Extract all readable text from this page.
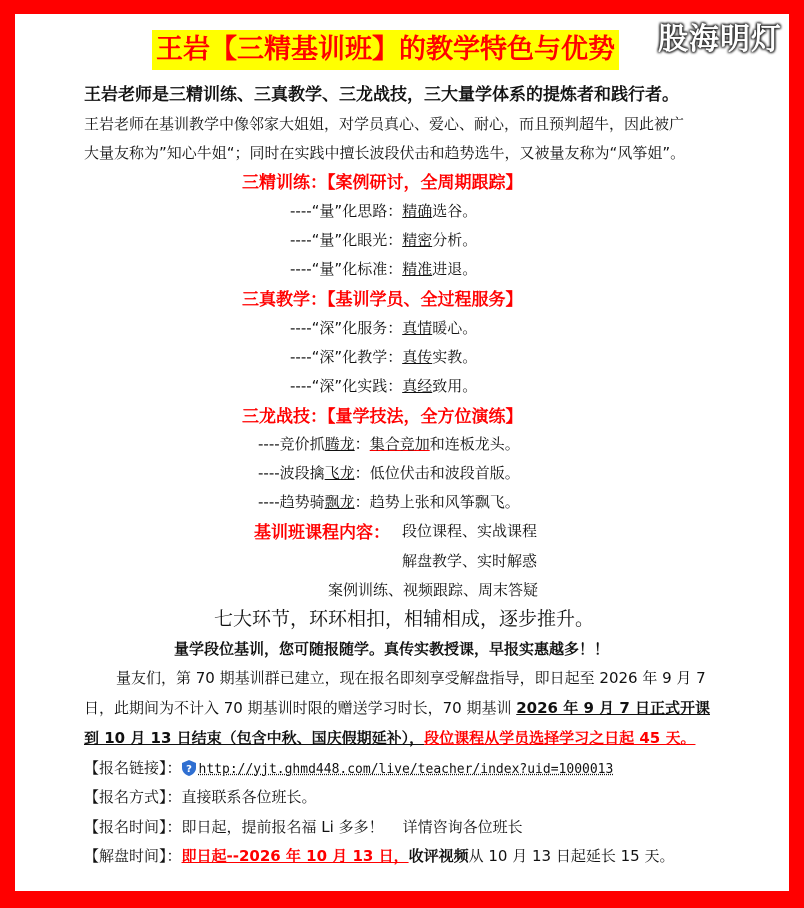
股海明灯
王岩【三精基训班】的教学特色与优势
王岩老师是三精训练、三真教学、三龙战技，三大量学体系的提炼者和践行者。
王岩老师在基训教学中像邻家大姐姐，对学员真心、爱心、耐心，而且预判超牛，因此被广
大量友称为”知心牛姐“；同时在实践中擅长波段伏击和趋势选牛，又被量友称为“风筝姐”。
三精训练：【案例研讨，全周期跟踪】
----“量”化思路：精确选谷。
----“量”化眼光：精密分析。
----“量”化标准：精准进退。
三真教学：【基训学员、全过程服务】
----“深”化服务：真情暖心。
----“深”化教学：真传实教。
----“深”化实践：真经致用。
三龙战技：【量学技法，全方位演练】
----竞价抓腾龙：集合竞加和连板龙头。
----波段擒飞龙：低位伏击和波段首版。
----趋势骑飘龙：趋势上张和风筝飘飞。
基训班课程内容： 段位课程、实战课程
解盘教学、实时解惑
案例训练、视频跟踪、周末答疑
七大环节，环环相扣，相辅相成，逐步推升。
量学段位基训，您可随报随学。真传实教授课，早报实惠越多！！
量友们，第 70 期基训群已建立，现在报名即刻享受解盘指导，即日起至 2026 年 9 月 7
日，此期间为不计入 70 期基训时限的赠送学习时长，70 期基训 2026 年 9 月 7 日正式开课
到 10 月 13 日结束（包含中秋、国庆假期延补），段位课程从学员选择学习之日起 45 天。
【报名链接】： ? http://yjt.ghmd448.com/live/teacher/index?uid=1000013
【报名方式】：直接联系各位班长。
【报名时间】：即日起，提前报名福 Li 多多！    详情咨询各位班长
【解盘时间】：即日起--2026 年 10 月 13 日，收评视频从 10 月 13 日起延长 15 天。
